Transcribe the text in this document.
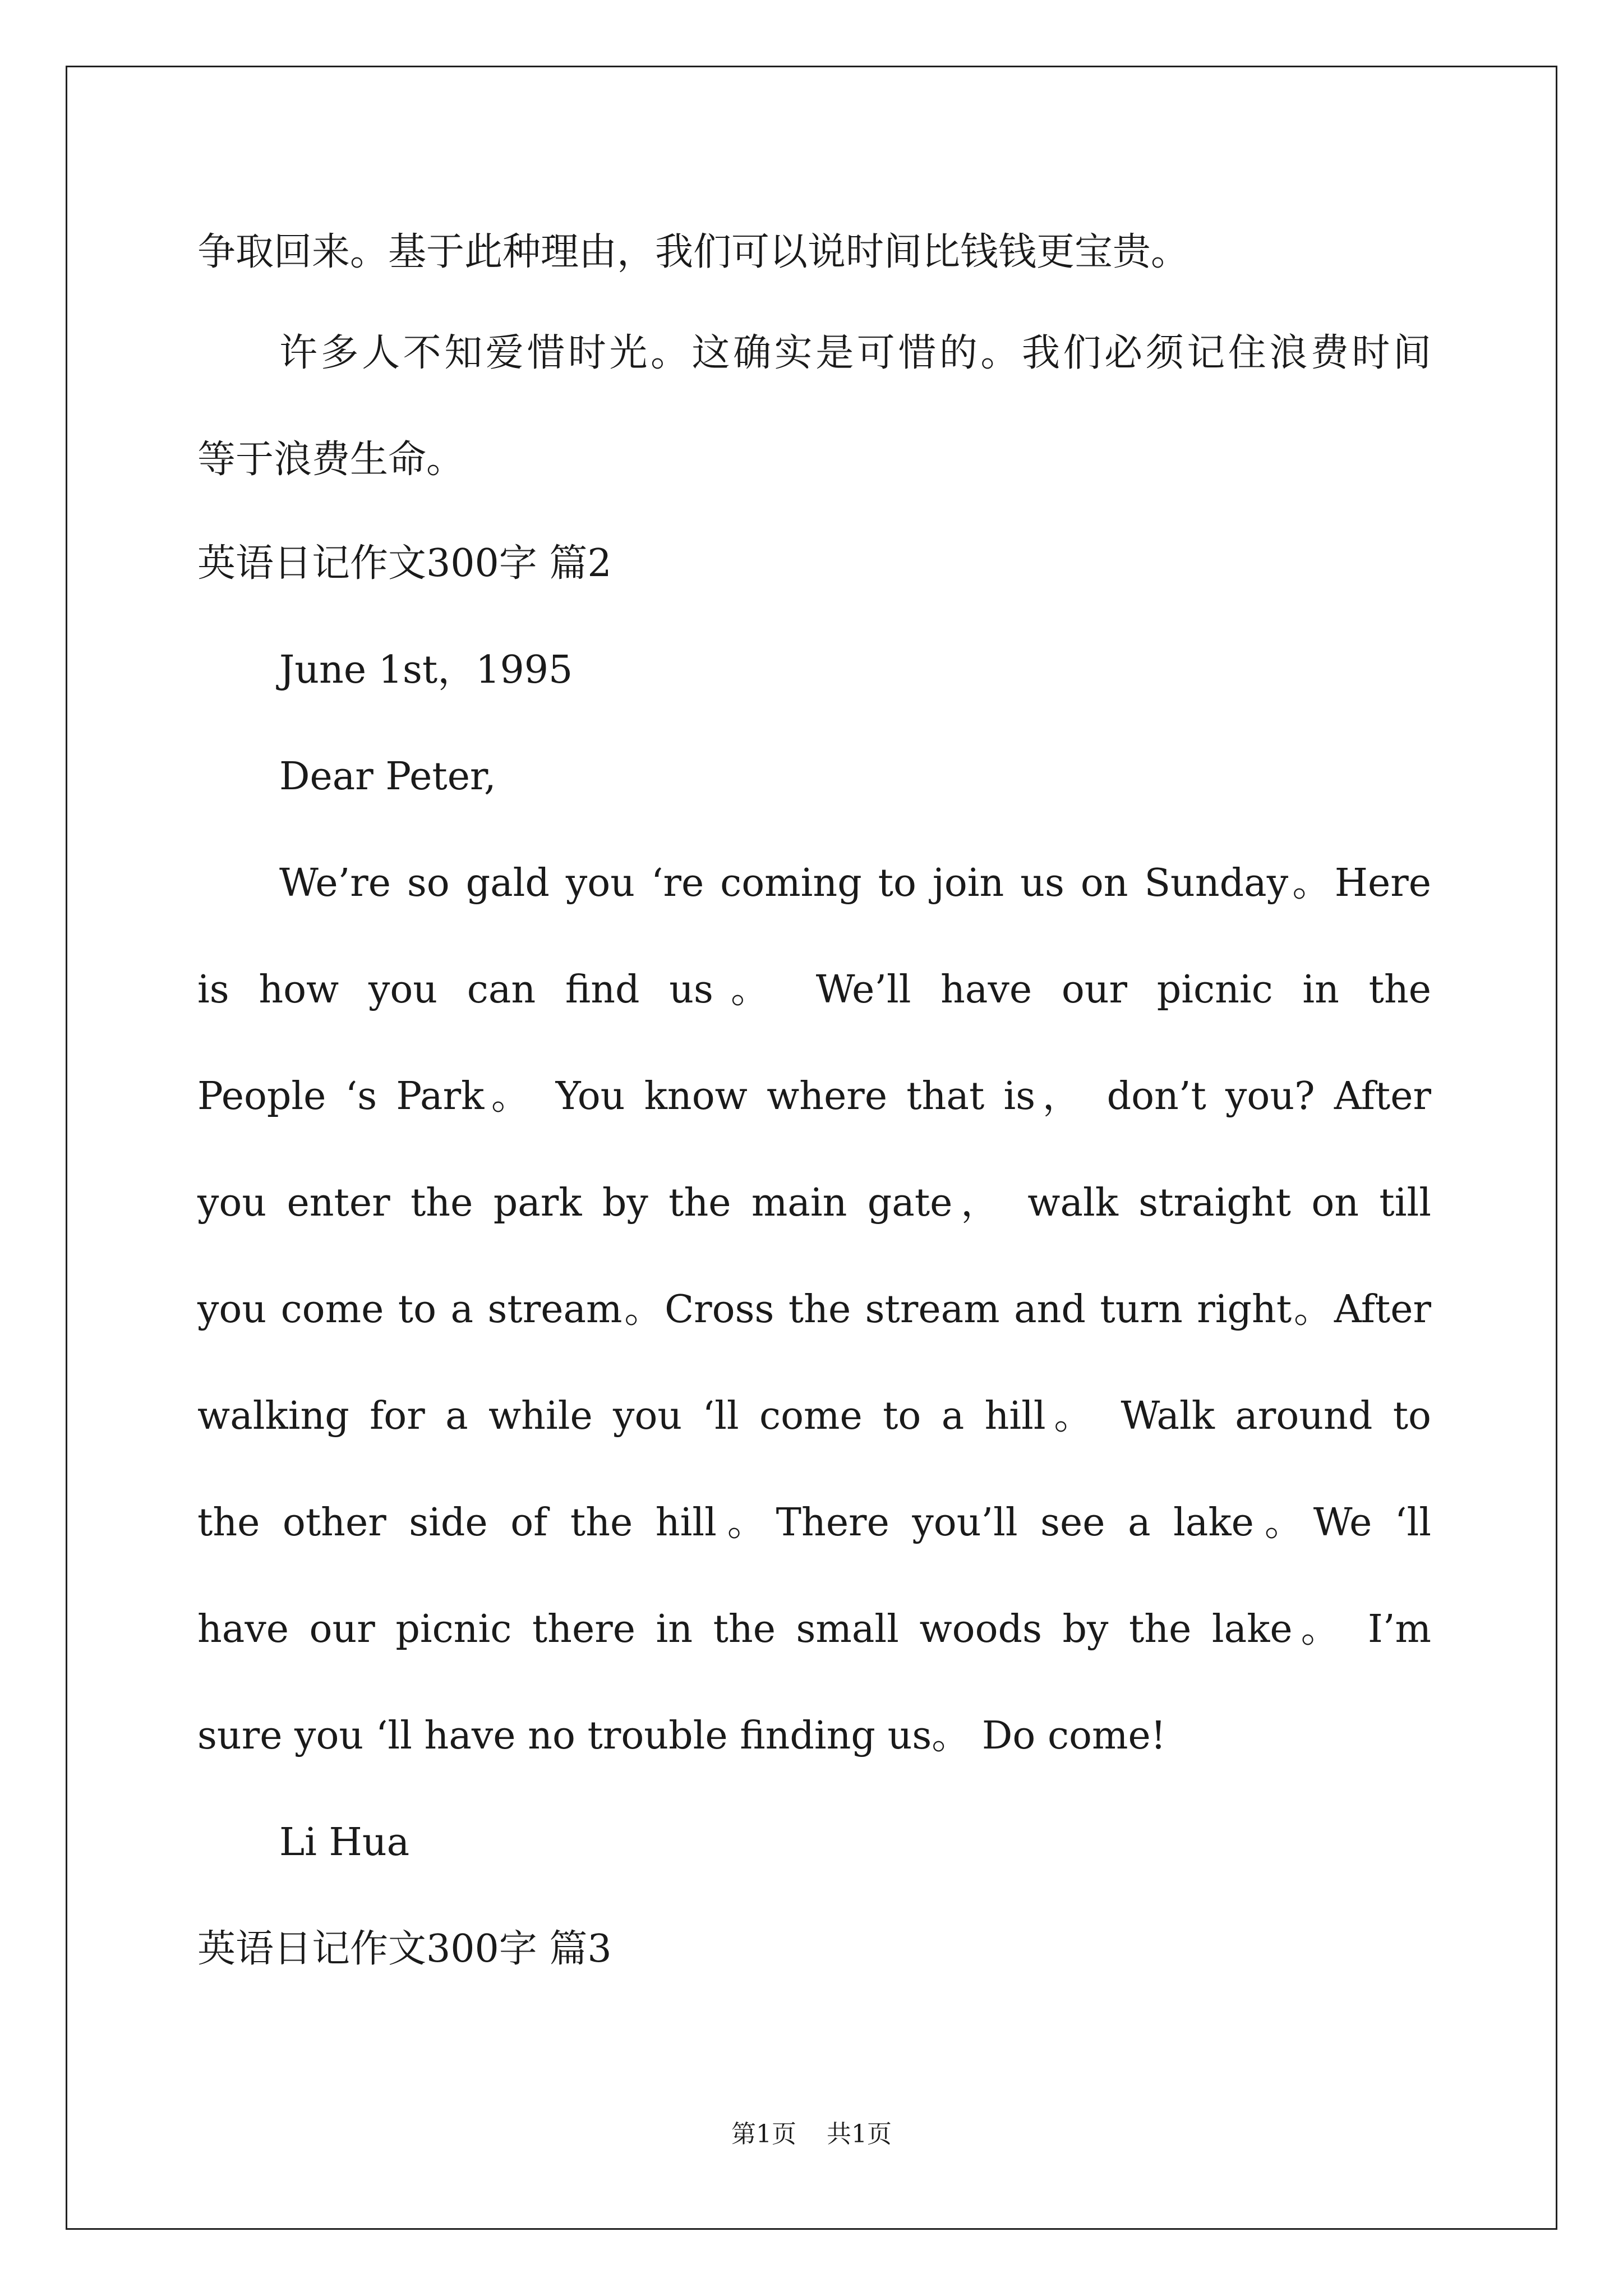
争取回来。基于此种理由，我们可以说时间比钱钱更宝贵。
许多人不知爱惜时光。这确实是可惜的。我们必须记住浪费时间
等于浪费生命。
英语日记作文300字 篇2
June 1st，1995
Dear Peter,
We’re so gald you ‘re coming to join us on Sunday。Here
is how you can find us。 We’ll have our picnic in the
People ‘s Park。 You know where that is， don’t you? After
you enter the park by the main gate， walk straight on till
you come to a stream。Cross the stream and turn right。After
walking for a while you ‘ll come to a hill。 Walk around to
the other side of the hill。There you’ll see a lake。We ‘ll
have our picnic there in the small woods by the lake。 I’m
sure you ‘ll have no trouble finding us。 Do come!
Li Hua
英语日记作文300字 篇3
第1页 共1页
